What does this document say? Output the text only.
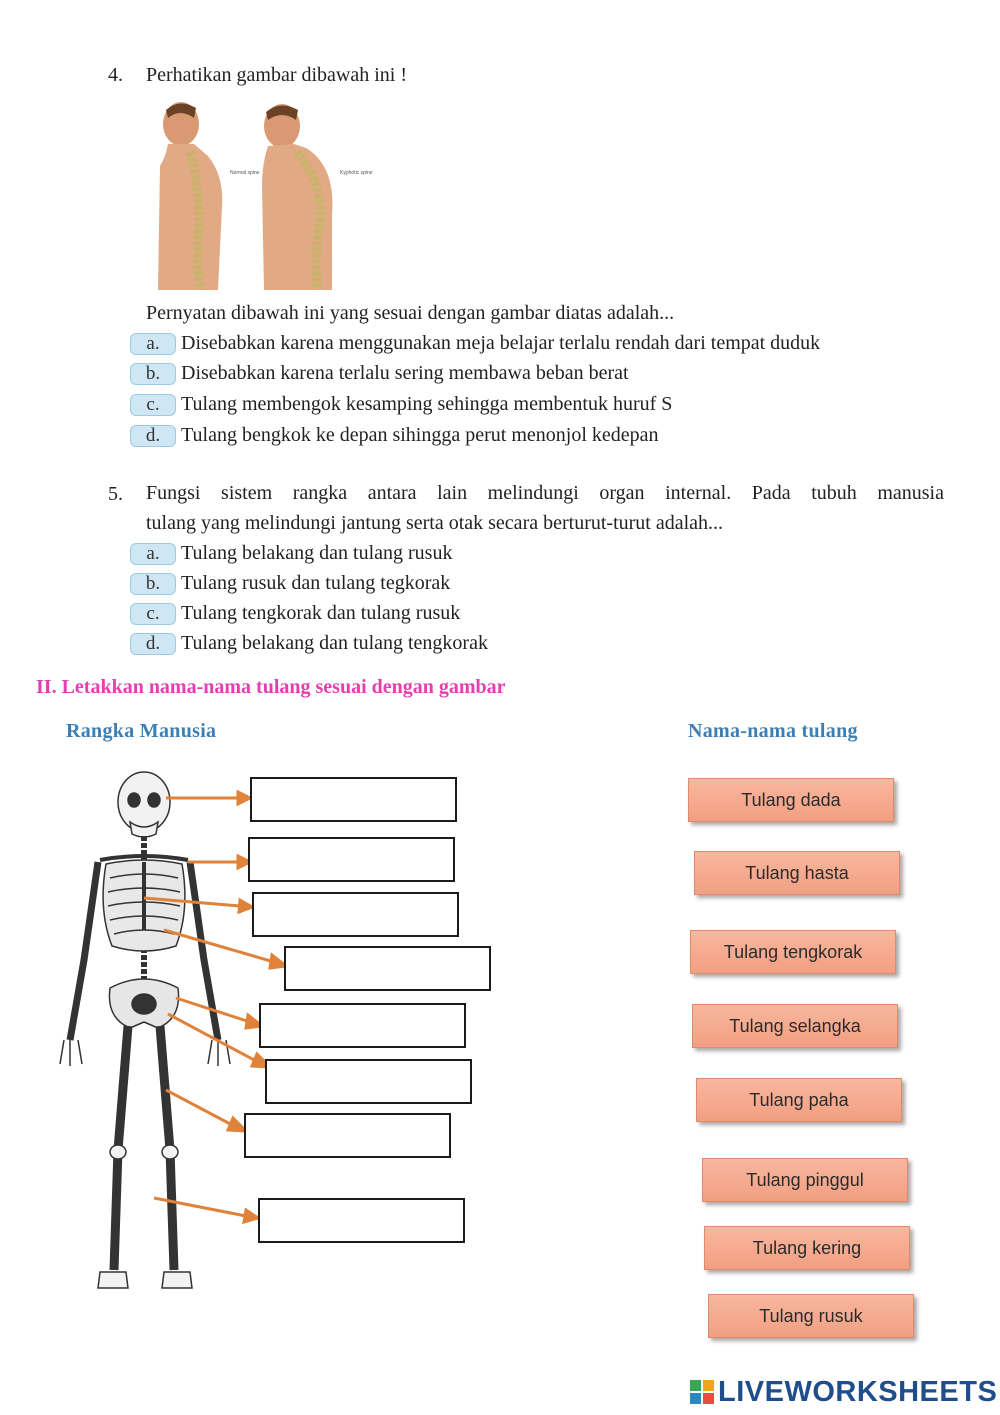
4. Perhatikan gambar dibawah ini !
Normal spine	Kyphotic spine
Pernyatan dibawah ini yang sesuai dengan gambar diatas adalah...
a.	Disebabkan karena menggunakan meja belajar terlalu rendah dari tempat duduk
b.	Disebabkan karena terlalu sering membawa beban berat
c.	Tulang membengok kesamping sehingga membentuk huruf S
d.	Tulang bengkok ke depan sihingga perut menonjol kedepan
5. Fungsi sistem rangka antara lain melindungi organ internal. Pada tubuh manusia
tulang yang melindungi jantung serta otak secara berturut-turut adalah...
a.	Tulang belakang dan tulang rusuk
b.	Tulang rusuk dan tulang tegkorak
c.	Tulang tengkorak dan tulang rusuk
d.	Tulang belakang dan tulang tengkorak
II. Letakkan nama-nama tulang sesuai dengan gambar
Rangka Manusia	Nama-nama tulang
Tulang dada
Tulang hasta
Tulang tengkorak
Tulang selangka
Tulang paha
Tulang pinggul
Tulang kering
Tulang rusuk
LIVEWORKSHEETS
